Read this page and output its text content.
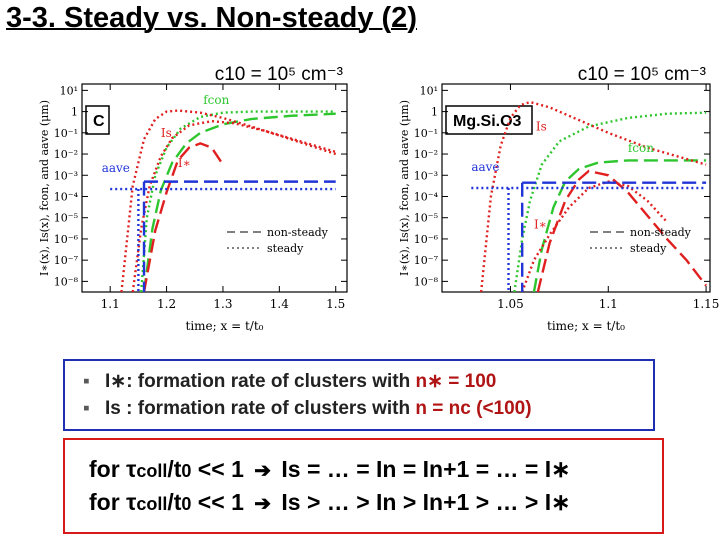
3-3. Steady vs. Non-steady (2)
c10 = 10⁵ cm⁻³
C
10¹
1
10⁻¹
10⁻²
10⁻³
10⁻⁴
10⁻⁵
10⁻⁶
10⁻⁷
10⁻⁸
1.1	1.2	1.3	1.4	1.5
time; x = t/t₀
I∗(x), Is(x), fcon, and aave (μm)	fcon
Is
I∗
aave
non-steady
steady
c10 = 10⁵ cm⁻³
Mg.Si.O3
10¹
1
10⁻¹
10⁻²
10⁻³
10⁻⁴
10⁻⁵
10⁻⁶
10⁻⁷
10⁻⁸
1.05	1.1	1.15
time; x = t/t₀
I∗(x), Is(x), fcon, and aave (μm)	Is
fcon
aave
I∗
non-steady
steady
▪ I∗: formation rate of clusters with n∗ = 100
▪ Is : formation rate of clusters with n = nc (<100)
for τcoll/t0 << 1 ➔ Is = … = In = In+1 = … = I∗
for τcoll/t0 << 1 ➔ Is > … > In > In+1 > … > I∗
